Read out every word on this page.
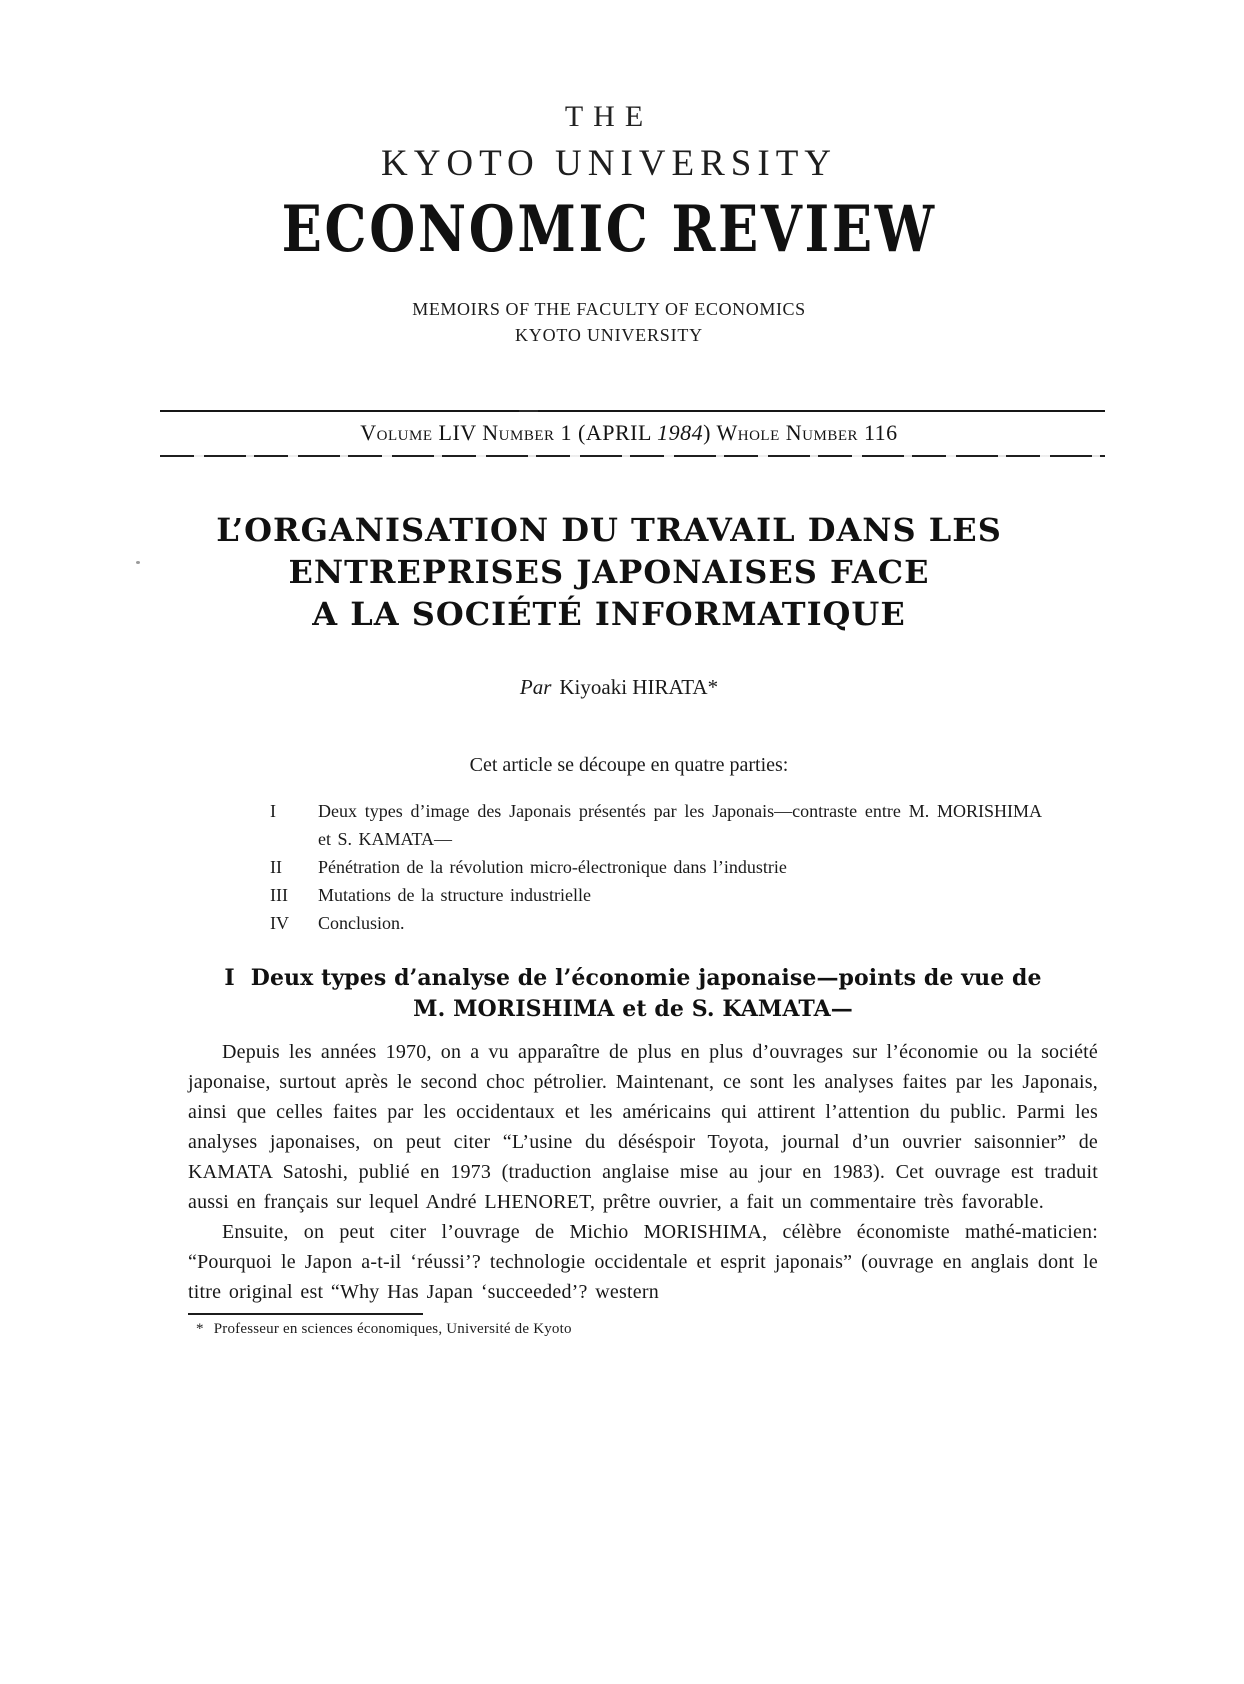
THE
KYOTO UNIVERSITY
ECONOMIC REVIEW
MEMOIRS OF THE FACULTY OF ECONOMICS
KYOTO UNIVERSITY
Volume LIV Number 1 (APRIL 1984) Whole Number 116
L’ORGANISATION DU TRAVAIL DANS LES
ENTREPRISES JAPONAISES FACE
A LA SOCIÉTÉ INFORMATIQUE
Par Kiyoaki HIRATA*
Cet article se découpe en quatre parties:
I	Deux types d’image des Japonais présentés par les Japonais—contraste entre M. MORISHIMA et S. KAMATA—
II	Pénétration de la révolution micro-électronique dans l’industrie
III	Mutations de la structure industrielle
IV	Conclusion.
I Deux types d’analyse de l’économie japonaise—points de vue de
M. MORISHIMA et de S. KAMATA—

Depuis les années 1970, on a vu apparaître de plus en plus d’ouvrages sur l’économie ou la société japonaise, surtout après le second choc pétrolier. Maintenant, ce sont les analyses faites par les Japonais, ainsi que celles faites par les occidentaux et les américains qui attirent l’attention du public. Parmi les analyses japonaises, on peut citer “L’usine du déséspoir Toyota, journal d’un ouvrier saisonnier” de KAMATA Satoshi, publié en 1973 (traduction anglaise mise au jour en 1983). Cet ouvrage est traduit aussi en français sur lequel André LHENORET, prêtre ouvrier, a fait un commentaire très favorable.

Ensuite, on peut citer l’ouvrage de Michio MORISHIMA, célèbre économiste mathé-maticien: “Pourquoi le Japon a-t-il ‘réussi’? technologie occidentale et esprit japonais” (ouvrage en anglais dont le titre original est “Why Has Japan ‘succeeded’? western

* Professeur en sciences économiques, Université de Kyoto
